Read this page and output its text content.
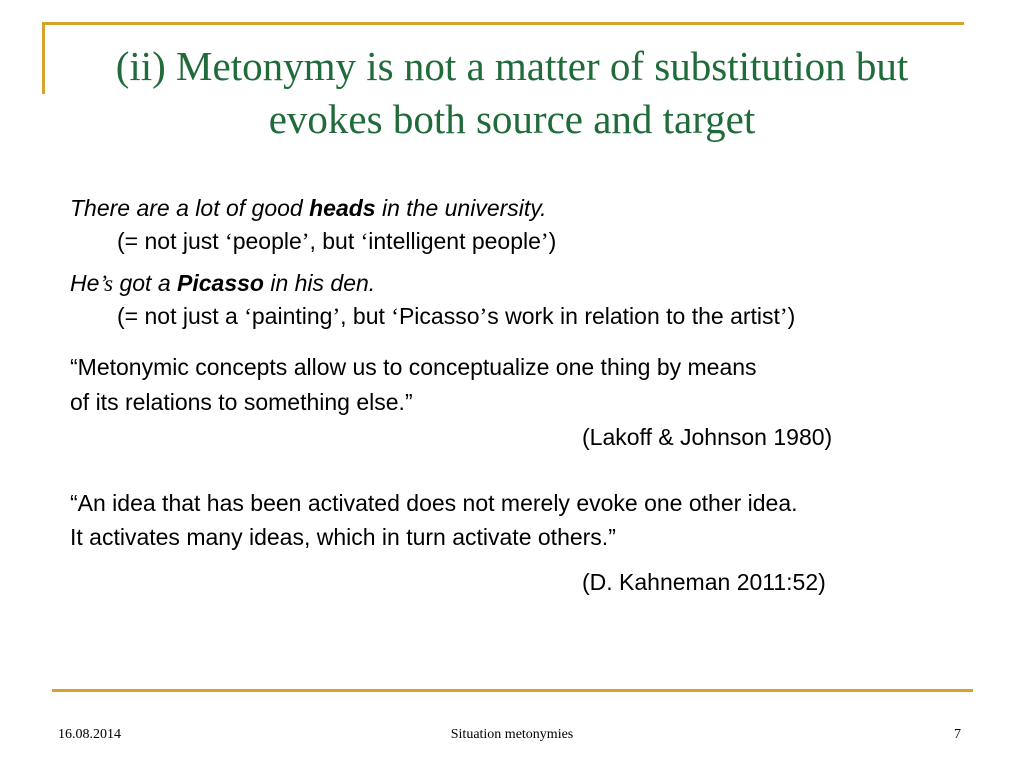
(ii) Metonymy is not a matter of substitution but
evokes both source and target
There are a lot of good heads in the university.
(= not just ‘people’, but ‘intelligent people’)
He’s got a Picasso in his den.
(= not just a ‘painting’, but ‘Picasso’s work in relation to the artist’)
“Metonymic concepts allow us to conceptualize one thing by means
of its relations to something else.”
(Lakoff & Johnson 1980)
“An idea that has been activated does not merely evoke one other idea.
It activates many ideas, which in turn activate others.”
(D. Kahneman 2011:52)
16.08.2014	Situation metonymies	7
